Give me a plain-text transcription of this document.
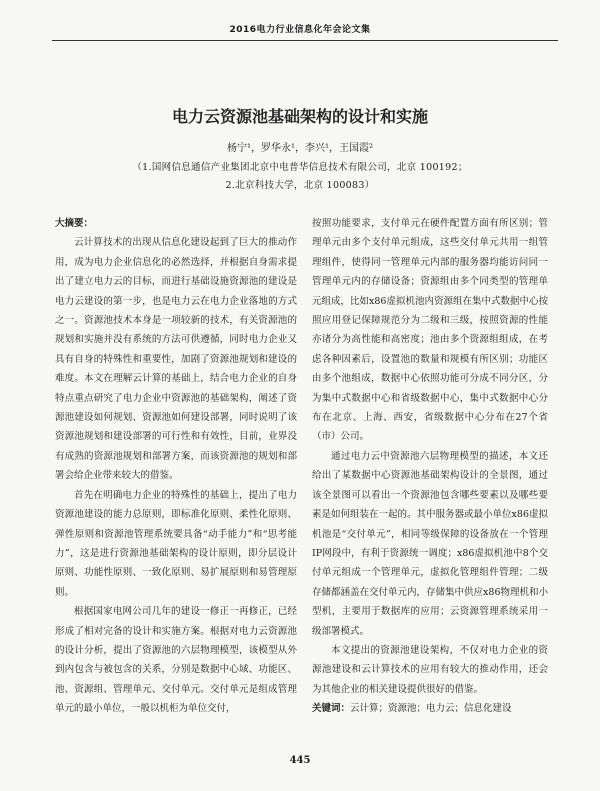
2016电力行业信息化年会论文集
电力云资源池基础架构的设计和实施
杨宁¹，罗华永¹，李兴¹，王国霞²
（1.国网信息通信产业集团北京中电普华信息技术有限公司，北京 100192；
2.北京科技大学，北京 100083）

大摘要：

云计算技术的出现从信息化建设起到了巨大的推动作用，成为电力企业信息化的必然选择，并根据自身需求提出了建立电力云的目标，而进行基础设施资源池的建设是电力云建设的第一步，也是电力云在电力企业落地的方式之一。资源池技术本身是一项较新的技术，有关资源池的规划和实施并没有系统的方法可供遵循，同时电力企业又具有自身的特殊性和重要性，加剧了资源池规划和建设的难度。本文在理解云计算的基础上，结合电力企业的自身特点重点研究了电力企业中资源池的基础架构，阐述了资源池建设如何规划、资源池如何建设部署，同时说明了该资源池规划和建设部署的可行性和有效性，目前，业界没有成熟的资源池规划和部署方案，而该资源池的规划和部署会给企业带来较大的借鉴。

首先在明确电力企业的特殊性的基础上，提出了电力资源池建设的能力总原则，即标准化原则、柔性化原则、弹性原则和资源池管理系统要具备“动手能力”和“思考能力”，这是进行资源池基础架构的设计原则，即分层设计原则、功能性原则、一致化原则、易扩展原则和易管理原则。

根据国家电网公司几年的建设一修正一再修正，已经形成了相对完备的设计和实施方案。根据对电力云资源池的设计分析，提出了资源池的六层物理模型，该模型从外到内包含与被包含的关系，分别是数据中心域、功能区、池、资源组、管理单元、交付单元。交付单元是组成管理单元的最小单位，一般以机柜为单位交付，

按照功能要求，支付单元在硬件配置方面有所区别；管理单元由多个支付单元组成，这些交付单元共用一组管理组件，使得同一管理单元内部的服务器均能访问同一管理单元内的存储设备；资源组由多个同类型的管理单元组成，比如x86虚拟机池内资源组在集中式数据中心按照应用登记保障规范分为二级和三级，按照资源的性能亦诸分为高性能和高密度；池由多个资源组组成，在考虑各种因素后，设置池的数量和规模有所区别；功能区由多个池组成，数据中心依照功能可分成不同分区，分为集中式数据中心和省级数据中心，集中式数据中心分布在北京、上海、西安，省级数据中心分布在27个省（市）公司。

通过电力云中资源池六层物理模型的描述，本文还给出了某数据中心资源池基础架构设计的全景图，通过该全景图可以看出一个资源池包含哪些要素以及哪些要素是如何组装在一起的。其中服务器或最小单位x86虚拟机池是“交付单元”，相同等级保障的设备放在一个管理IP网段中，有利于资源统一调度；x86虚拟机池中8个交付单元组成一个管理单元，虚拟化管理组件管理；二级存储都涵盖在交付单元内，存储集中供应x86物理机和小型机，主要用于数据库的应用；云资源管理系统采用一级部署模式。

本文提出的资源池建设架构，不仅对电力企业的资源池建设和云计算技术的应用有较大的推动作用，还会为其他企业的相关建设提供很好的借鉴。

关键词：云计算；资源池；电力云；信息化建设

445
